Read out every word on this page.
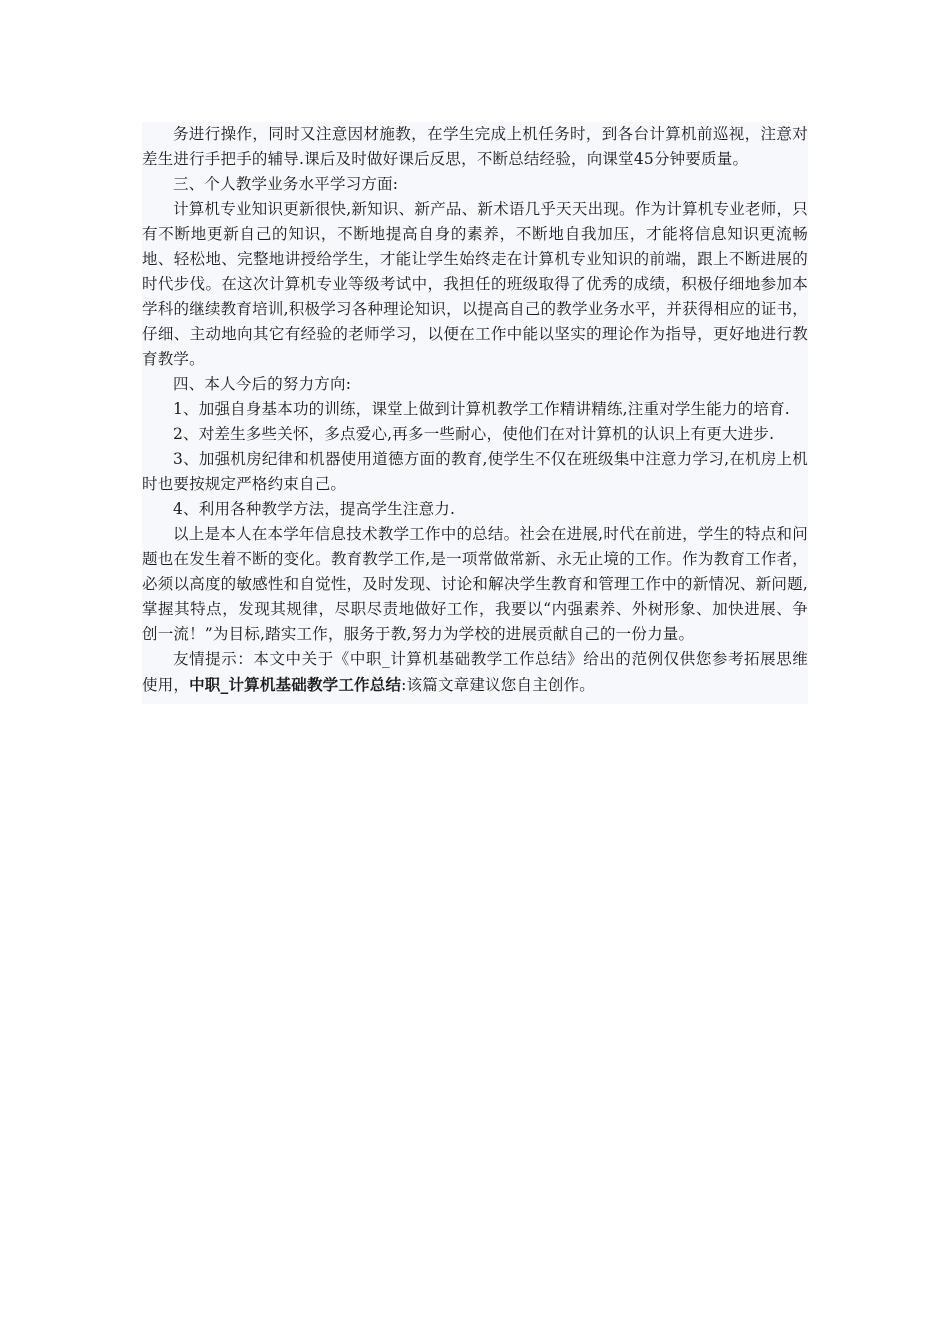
务进行操作，同时又注意因材施教，在学生完成上机任务时，到各台计算机前巡视，注意对差生进行手把手的辅导.课后及时做好课后反思，不断总结经验，向课堂45分钟要质量。

三、个人教学业务水平学习方面:

计算机专业知识更新很快,新知识、新产品、新术语几乎天天出现。作为计算机专业老师，只有不断地更新自己的知识，不断地提高自身的素养，不断地自我加压，才能将信息知识更流畅地、轻松地、完整地讲授给学生，才能让学生始终走在计算机专业知识的前端，跟上不断进展的时代步伐。在这次计算机专业等级考试中，我担任的班级取得了优秀的成绩，积极仔细地参加本学科的继续教育培训,积极学习各种理论知识，以提高自己的教学业务水平，并获得相应的证书，仔细、主动地向其它有经验的老师学习，以便在工作中能以坚实的理论作为指导，更好地进行教育教学。

四、本人今后的努力方向:

1、加强自身基本功的训练，课堂上做到计算机教学工作精讲精练,注重对学生能力的培育.

2、对差生多些关怀，多点爱心,再多一些耐心，使他们在对计算机的认识上有更大进步.

3、加强机房纪律和机器使用道德方面的教育,使学生不仅在班级集中注意力学习,在机房上机时也要按规定严格约束自己。

4、利用各种教学方法，提高学生注意力.

以上是本人在本学年信息技术教学工作中的总结。社会在进展,时代在前进，学生的特点和问题也在发生着不断的变化。教育教学工作,是一项常做常新、永无止境的工作。作为教育工作者，必须以高度的敏感性和自觉性，及时发现、讨论和解决学生教育和管理工作中的新情况、新问题,掌握其特点，发现其规律，尽职尽责地做好工作，我要以“内强素养、外树形象、加快进展、争创一流！”为目标,踏实工作，服务于教,努力为学校的进展贡献自己的一份力量。

友情提示：本文中关于《中职_计算机基础教学工作总结》给出的范例仅供您参考拓展思维使用，中职_计算机基础教学工作总结:该篇文章建议您自主创作。
